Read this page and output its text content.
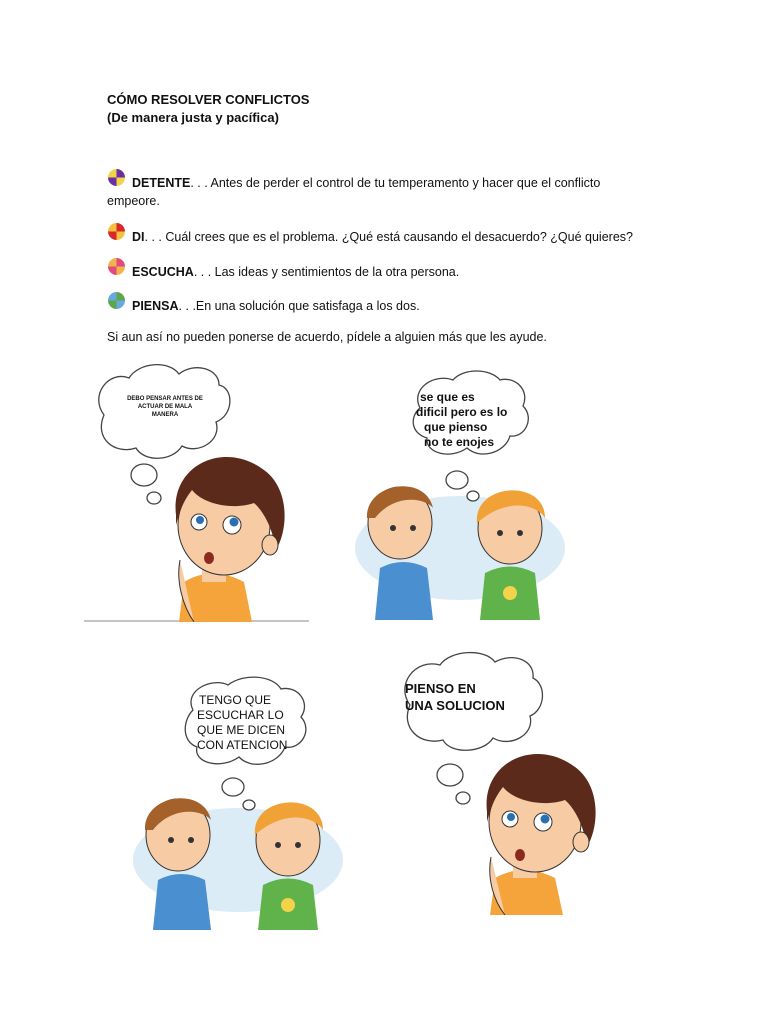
CÓMO RESOLVER CONFLICTOS
(De manera justa y pacífica)
DETENTE. . . Antes de perder el control de tu temperamento y hacer que el conflicto
empeore.
DI. . . Cuál crees que es el problema. ¿Qué está causando el desacuerdo? ¿Qué quieres?
ESCUCHA. . . Las ideas y sentimientos de la otra persona.
PIENSA. . .En una solución que satisfaga a los dos.
Si aun así no pueden ponerse de acuerdo, pídele a alguien más que les ayude.
DEBO PENSAR ANTES DE
ACTUAR DE MALA
MANERA
se que es
dificil pero es lo
que pienso
no te enojes
TENGO QUE
ESCUCHAR LO
QUE ME DICEN
CON ATENCION
PIENSO EN
UNA SOLUCION
